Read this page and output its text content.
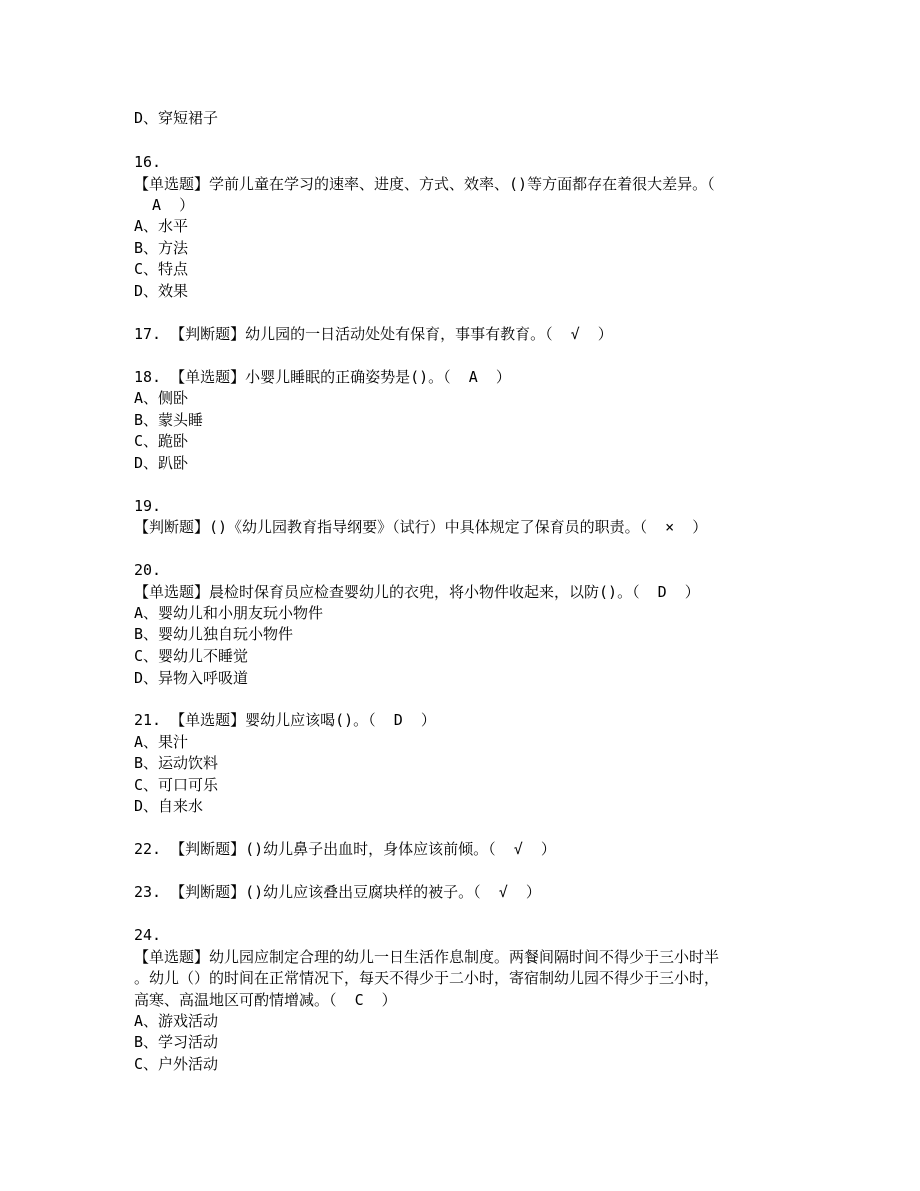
D、穿短裙子
16.
【单选题】学前儿童在学习的速率、进度、方式、效率、()等方面都存在着很大差异。（
A  ）
A、水平
B、方法
C、特点
D、效果
17. 【判断题】幼儿园的一日活动处处有保育，事事有教育。（  √  ）
18. 【单选题】小婴儿睡眠的正确姿势是()。（  A  ）
A、侧卧
B、蒙头睡
C、跪卧
D、趴卧
19.
【判断题】()《幼儿园教育指导纲要》（试行）中具体规定了保育员的职责。（  ×  ）
20.
【单选题】晨检时保育员应检查婴幼儿的衣兜，将小物件收起来，以防()。（  D  ）
A、婴幼儿和小朋友玩小物件
B、婴幼儿独自玩小物件
C、婴幼儿不睡觉
D、异物入呼吸道
21. 【单选题】婴幼儿应该喝()。（  D  ）
A、果汁
B、运动饮料
C、可口可乐
D、自来水
22. 【判断题】()幼儿鼻子出血时，身体应该前倾。（  √  ）
23. 【判断题】()幼儿应该叠出豆腐块样的被子。（  √  ）
24.
【单选题】幼儿园应制定合理的幼儿一日生活作息制度。两餐间隔时间不得少于三小时半
。幼儿（）的时间在正常情况下，每天不得少于二小时，寄宿制幼儿园不得少于三小时，
高寒、高温地区可酌情增减。（  C  ）
A、游戏活动
B、学习活动
C、户外活动
